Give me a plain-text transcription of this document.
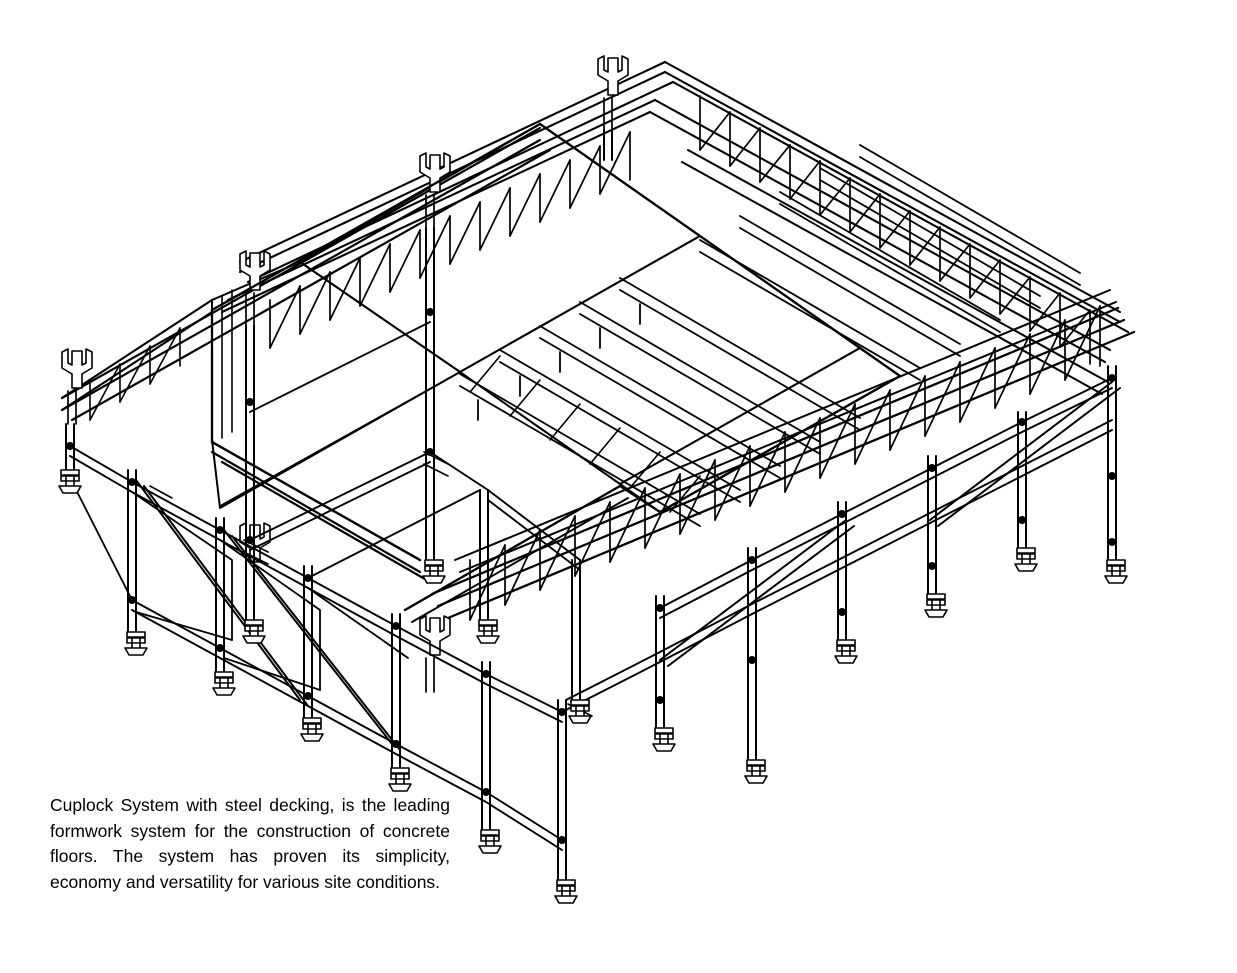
Cuplock System with steel decking, is the leading formwork system for the construction of concrete floors. The system has proven its simplicity, economy and versatility for various site conditions.
